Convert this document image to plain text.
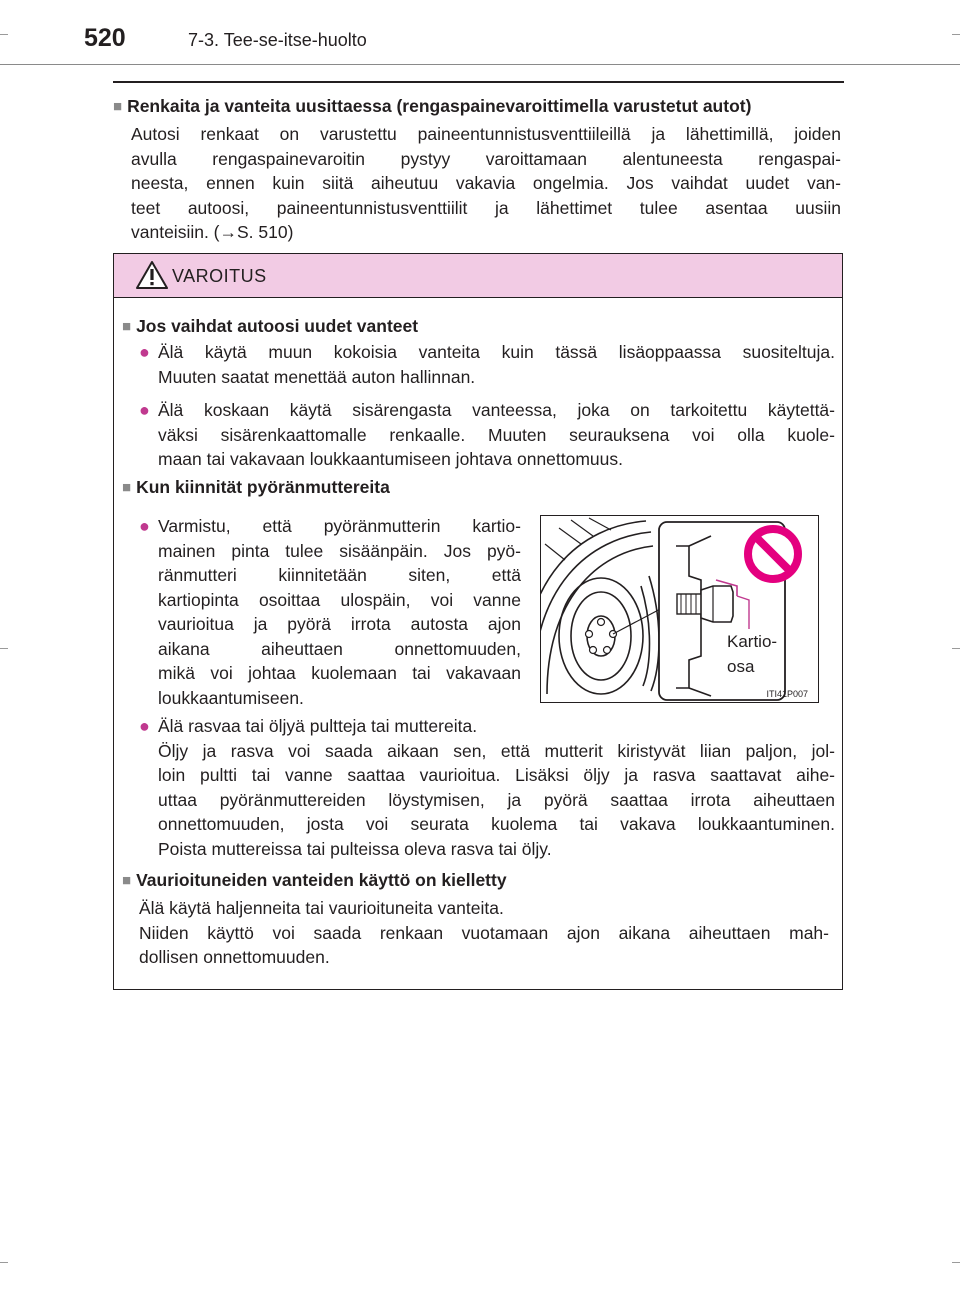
520	7-3. Tee-se-itse-huolto
■ Renkaita ja vanteita uusittaessa (rengaspainevaroittimella varustetut autot)
Autosi renkaat on varustettu paineentunnistusventtiileillä ja lähettimillä, joiden
avulla rengaspainevaroitin pystyy varoittamaan alentuneesta rengaspai-
neesta, ennen kuin siitä aiheutuu vakavia ongelmia. Jos vaihdat uudet van-
teet autoosi, paineentunnistusventtiilit ja lähettimet tulee asentaa uusiin
vanteisiin. (→S. 510)
VAROITUS
■ Jos vaihdat autoosi uudet vanteet
● Älä käytä muun kokoisia vanteita kuin tässä lisäoppaassa suositeltuja.
Muuten saatat menettää auton hallinnan.
● Älä koskaan käytä sisärengasta vanteessa, joka on tarkoitettu käytettä-
väksi sisärenkaattomalle renkaalle. Muuten seurauksena voi olla kuole-
maan tai vakavaan loukkaantumiseen johtava onnettomuus.
■ Kun kiinnität pyöränmuttereita
● Varmistu, että pyöränmutterin kartio-
mainen pinta tulee sisäänpäin. Jos pyö-
ränmutteri kiinnitetään siten, että
kartiopinta osoittaa ulospäin, voi vanne
vaurioitua ja pyörä irrota autosta ajon
aikana aiheuttaen onnettomuuden,
mikä voi johtaa kuolemaan tai vakavaan
loukkaantumiseen.
● Älä rasvaa tai öljyä pultteja tai muttereita.
Öljy ja rasva voi saada aikaan sen, että mutterit kiristyvät liian paljon, jol-
loin pultti tai vanne saattaa vaurioitua. Lisäksi öljy ja rasva saattavat aihe-
uttaa pyöränmuttereiden löystymisen, ja pyörä saattaa irrota aiheuttaen
onnettomuuden, josta voi seurata kuolema tai vakava loukkaantuminen.
Poista muttereissa tai pulteissa oleva rasva tai öljy.
■ Vaurioituneiden vanteiden käyttö on kielletty
Älä käytä haljenneita tai vaurioituneita vanteita.
Niiden käyttö voi saada renkaan vuotamaan ajon aikana aiheuttaen mah-
dollisen onnettomuuden.
Kartio-
osa
ITI41P007
